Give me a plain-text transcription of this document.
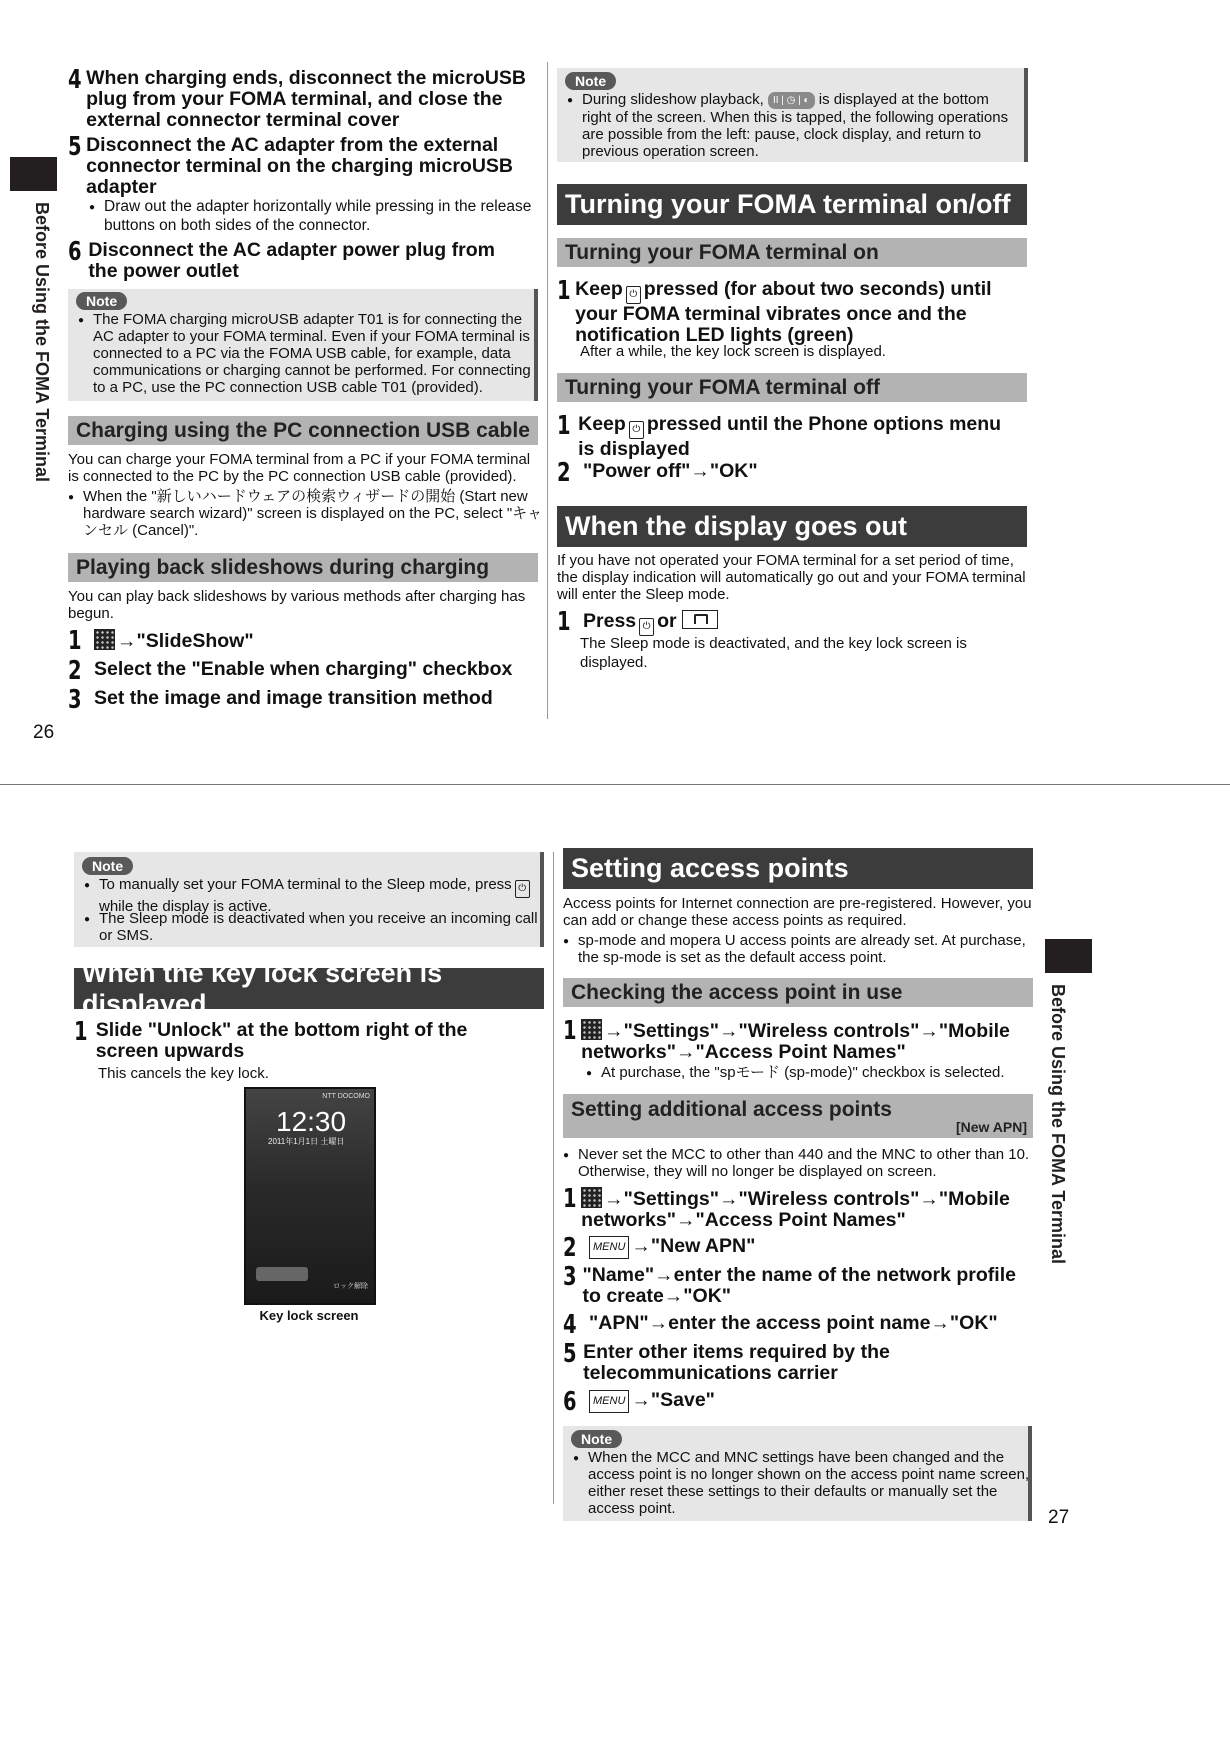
Before Using the FOMA Terminal
4 When charging ends, disconnect the microUSB plug from your FOMA terminal, and close the external connector terminal cover
5 Disconnect the AC adapter from the external connector terminal on the charging microUSB adapter
● Draw out the adapter horizontally while pressing in the release buttons on both sides of the connector.
6 Disconnect the AC adapter power plug from the power outlet
Note
● The FOMA charging microUSB adapter T01 is for connecting the AC adapter to your FOMA terminal. Even if your FOMA terminal is connected to a PC via the FOMA USB cable, for example, data communications or charging cannot be performed. For connecting to a PC, use the PC connection USB cable T01 (provided).
Charging using the PC connection USB cable
You can charge your FOMA terminal from a PC if your FOMA terminal is connected to the PC by the PC connection USB cable (provided).
● When the "新しいハードウェアの検索ウィザードの開始 (Start new hardware search wizard)" screen is displayed on the PC, select "キャンセル (Cancel)".
Playing back slideshows during charging
You can play back slideshows by various methods after charging has begun.
1	→"SlideShow"
2 Select the "Enable when charging" checkbox
3 Set the image and image transition method
26
Note
● During slideshow playback, II | ◷ | ◐ is displayed at the bottom right of the screen. When this is tapped, the following operations are possible from the left: pause, clock display, and return to previous operation screen.
Turning your FOMA terminal on/off
Turning your FOMA terminal on
1 Keep ⏻ pressed (for about two seconds) until your FOMA terminal vibrates once and the notification LED lights (green)
After a while, the key lock screen is displayed.
Turning your FOMA terminal off
1 Keep ⏻ pressed until the Phone options menu is displayed
2 "Power off"→"OK"
When the display goes out
If you have not operated your FOMA terminal for a set period of time, the display indication will automatically go out and your FOMA terminal will enter the Sleep mode.
1 Press ⏻ or
The Sleep mode is deactivated, and the key lock screen is displayed.
Note
● To manually set your FOMA terminal to the Sleep mode, press ⏻while the display is active.
● The Sleep mode is deactivated when you receive an incoming call or SMS.
When the key lock screen is displayed
1 Slide "Unlock" at the bottom right of the screen upwards
This cancels the key lock.
NTT DOCOMO
12:30
2011年1月1日 土曜日
ロック解除
Key lock screen
Setting access points
Access points for Internet connection are pre-registered. However, you can add or change these access points as required.
● sp-mode and mopera U access points are already set. At purchase, the sp-mode is set as the default access point.
Checking the access point in use
1	→"Settings"→"Wireless controls"→"Mobile networks"→"Access Point Names"
● At purchase, the "spモード (sp-mode)" checkbox is selected.
Setting additional access points
[New APN]
● Never set the MCC to other than 440 and the MNC to other than 10. Otherwise, they will no longer be displayed on screen.
1	→"Settings"→"Wireless controls"→"Mobile networks"→"Access Point Names"
2	MENU →"New APN"
3 "Name"→enter the name of the network profile to create→"OK"
4 "APN"→enter the access point name→"OK"
5 Enter other items required by the telecommunications carrier
6	MENU →"Save"
Note
● When the MCC and MNC settings have been changed and the access point is no longer shown on the access point name screen, either reset these settings to their defaults or manually set the access point.
Before Using the FOMA Terminal
27
